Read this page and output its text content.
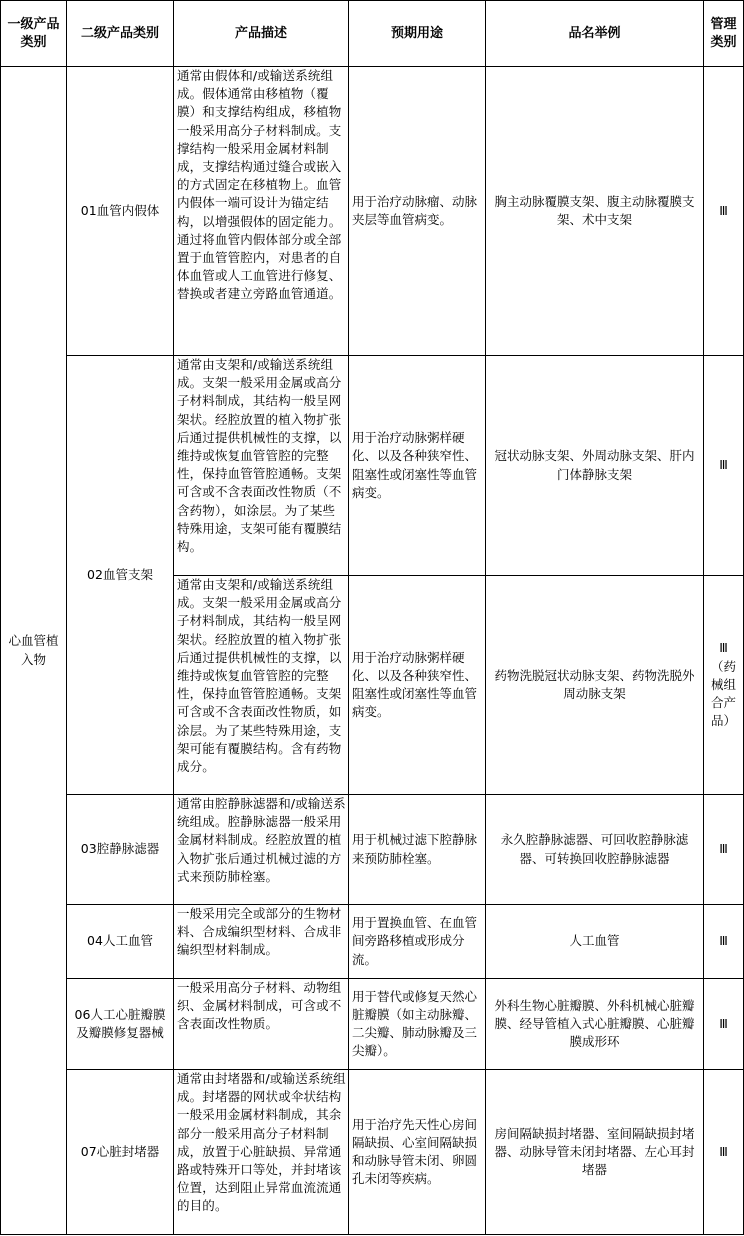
一级产品类别	二级产品类别	产品描述	预期用途	品名举例	管理类别
心血管植入物	01血管内假体	通常由假体和/或输送系统组成。假体通常由移植物（覆膜）和支撑结构组成，移植物一般采用高分子材料制成。支撑结构一般采用金属材料制成，支撑结构通过缝合或嵌入的方式固定在移植物上。血管内假体一端可设计为锚定结构，以增强假体的固定能力。通过将血管内假体部分或全部置于血管管腔内，对患者的自体血管或人工血管进行修复、替换或者建立旁路血管通道。	用于治疗动脉瘤、动脉夹层等血管病变。	胸主动脉覆膜支架、腹主动脉覆膜支架、术中支架	Ⅲ
	02血管支架	通常由支架和/或输送系统组成。支架一般采用金属或高分子材料制成，其结构一般呈网架状。经腔放置的植入物扩张后通过提供机械性的支撑，以维持或恢复血管管腔的完整性，保持血管管腔通畅。支架可含或不含表面改性物质（不含药物），如涂层。为了某些特殊用途，支架可能有覆膜结构。	用于治疗动脉粥样硬化、以及各种狭窄性、阻塞性或闭塞性等血管病变。	冠状动脉支架、外周动脉支架、肝内门体静脉支架	Ⅲ
		通常由支架和/或输送系统组成。支架一般采用金属或高分子材料制成，其结构一般呈网架状。经腔放置的植入物扩张后通过提供机械性的支撑，以维持或恢复血管管腔的完整性，保持血管管腔通畅。支架可含或不含表面改性物质，如涂层。为了某些特殊用途，支架可能有覆膜结构。含有药物成分。	用于治疗动脉粥样硬化、以及各种狭窄性、阻塞性或闭塞性等血管病变。	药物洗脱冠状动脉支架、药物洗脱外周动脉支架	Ⅲ（药械组合产品）
	03腔静脉滤器	通常由腔静脉滤器和/或输送系统组成。腔静脉滤器一般采用金属材料制成。经腔放置的植入物扩张后通过机械过滤的方式来预防肺栓塞。	用于机械过滤下腔静脉来预防肺栓塞。	永久腔静脉滤器、可回收腔静脉滤器、可转换回收腔静脉滤器	Ⅲ
	04人工血管	一般采用完全或部分的生物材料、合成编织型材料、合成非编织型材料制成。	用于置换血管、在血管间旁路移植或形成分流。	人工血管	Ⅲ
	06人工心脏瓣膜及瓣膜修复器械	一般采用高分子材料、动物组织、金属材料制成，可含或不含表面改性物质。	用于替代或修复天然心脏瓣膜（如主动脉瓣、二尖瓣、肺动脉瓣及三尖瓣）。	外科生物心脏瓣膜、外科机械心脏瓣膜、经导管植入式心脏瓣膜、心脏瓣膜成形环	Ⅲ
	07心脏封堵器	通常由封堵器和/或输送系统组成。封堵器的网状或伞状结构一般采用金属材料制成，其余部分一般采用高分子材料制成，放置于心脏缺损、异常通路或特殊开口等处，并封堵该位置，达到阻止异常血流流通的目的。	用于治疗先天性心房间隔缺损、心室间隔缺损和动脉导管未闭、卵圆孔未闭等疾病。	房间隔缺损封堵器、室间隔缺损封堵器、动脉导管未闭封堵器、左心耳封堵器	Ⅲ
